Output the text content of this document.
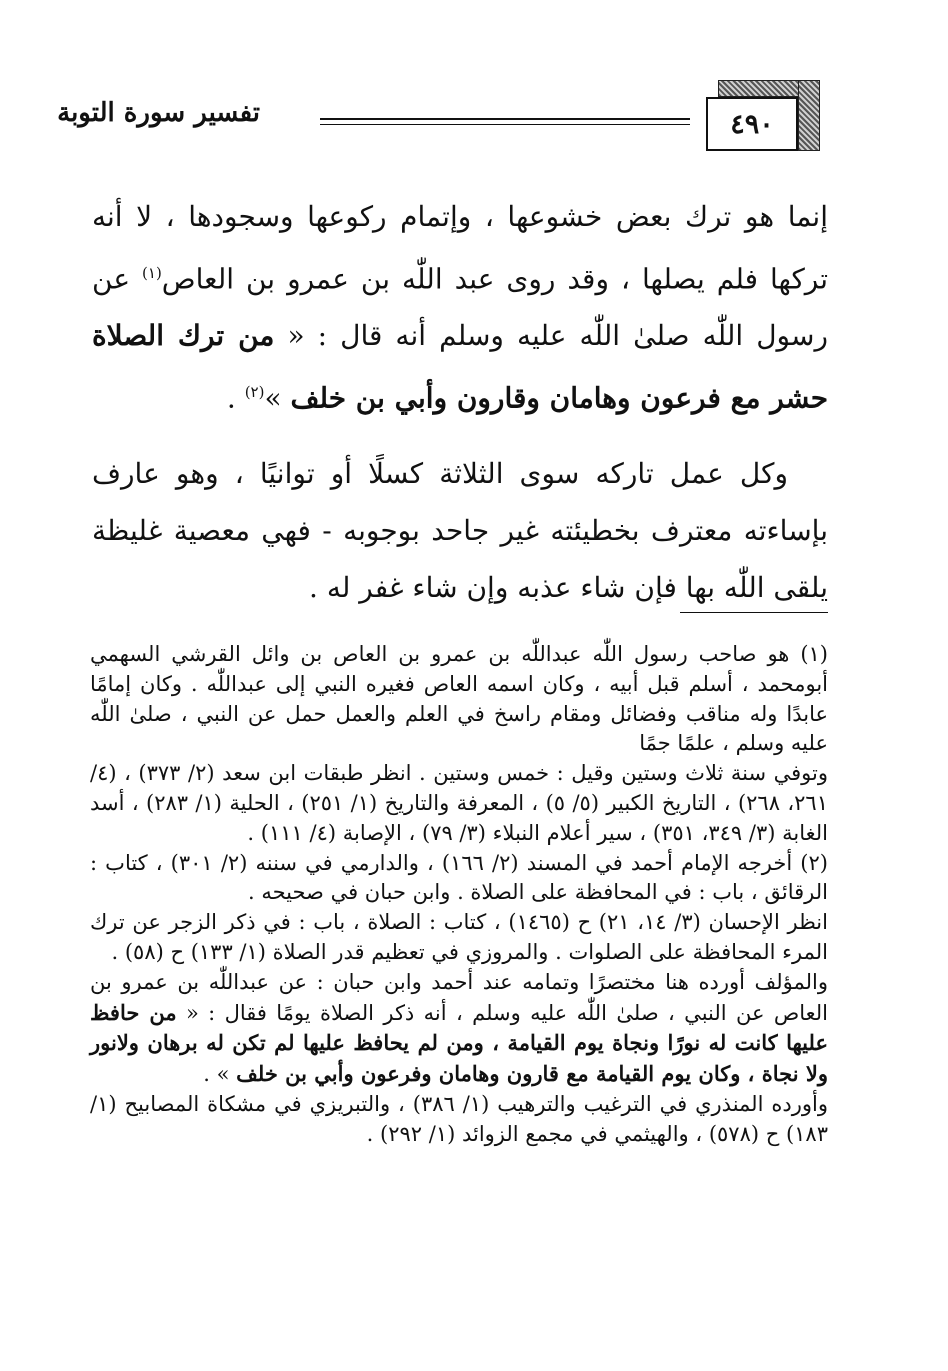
٤٩٠
تفسير سورة التوبة

إنما هو ترك بعض خشوعها ، وإتمام ركوعها وسجودها ، لا أنه تركها فلم يصلها ، وقد روى عبد اللّٰه بن عمرو بن العاص$^{(١)}$ عن رسول اللّٰه صلىٰ اللّٰه عليه وسلم أنه قال : « من ترك الصلاة حشر مع فرعون وهامان وقارون وأبي بن خلف »$^{(٢)}$ .

وكل عمل تاركه سوى الثلاثة كسلًا أو توانيًا ، وهو عارف بإساءته معترف بخطيئته غير جاحد بوجوبه - فهي معصية غليظة يلقى اللّٰه بها فإن شاء عذبه وإن شاء غفر له .

(١) هو صاحب رسول اللّٰه عبداللّٰه بن عمرو بن العاص بن وائل القرشي السهمي أبومحمد ، أسلم قبل أبيه ، وكان اسمه العاص فغيره النبي إلى عبداللّٰه . وكان إمامًا عابدًا وله مناقب وفضائل ومقام راسخ في العلم والعمل حمل عن النبي ، صلىٰ اللّٰه عليه وسلم ، علمًا جمًا
وتوفي سنة ثلاث وستين وقيل : خمس وستين . انظر طبقات ابن سعد (٢/ ٣٧٣) ، (٤/ ٢٦١، ٢٦٨) ، التاريخ الكبير (٥/ ٥) ، المعرفة والتاريخ (١/ ٢٥١) ، الحلية (١/ ٢٨٣) ، أسد الغابة (٣/ ٣٤٩، ٣٥١) ، سير أعلام النبلاء (٣/ ٧٩) ، الإصابة (٤/ ١١١) .
(٢) أخرجه الإمام أحمد في المسند (٢/ ١٦٦) ، والدارمي في سننه (٢/ ٣٠١) ، كتاب : الرقائق ، باب : في المحافظة على الصلاة . وابن حبان في صحيحه .
انظر الإحسان (٣/ ١٤، ٢١) ح (١٤٦٥) ، كتاب : الصلاة ، باب : في ذكر الزجر عن ترك المرء المحافظة على الصلوات . والمروزي في تعظيم قدر الصلاة (١/ ١٣٣) ح (٥٨) .
والمؤلف أورده هنا مختصرًا وتمامه عند أحمد وابن حبان : عن عبداللّٰه بن عمرو بن العاص عن النبي ، صلىٰ اللّٰه عليه وسلم ، أنه ذكر الصلاة يومًا فقال : « من حافظ عليها كانت له نورًا ونجاة يوم القيامة ، ومن لم يحافظ عليها لم تكن له برهان ولانور ولا نجاة ، وكان يوم القيامة مع قارون وهامان وفرعون وأبي بن خلف » .
وأورده المنذري في الترغيب والترهيب (١/ ٣٨٦) ، والتبريزي في مشكاة المصابيح (١/ ١٨٣) ح (٥٧٨) ، والهيثمي في مجمع الزوائد (١/ ٢٩٢) .
